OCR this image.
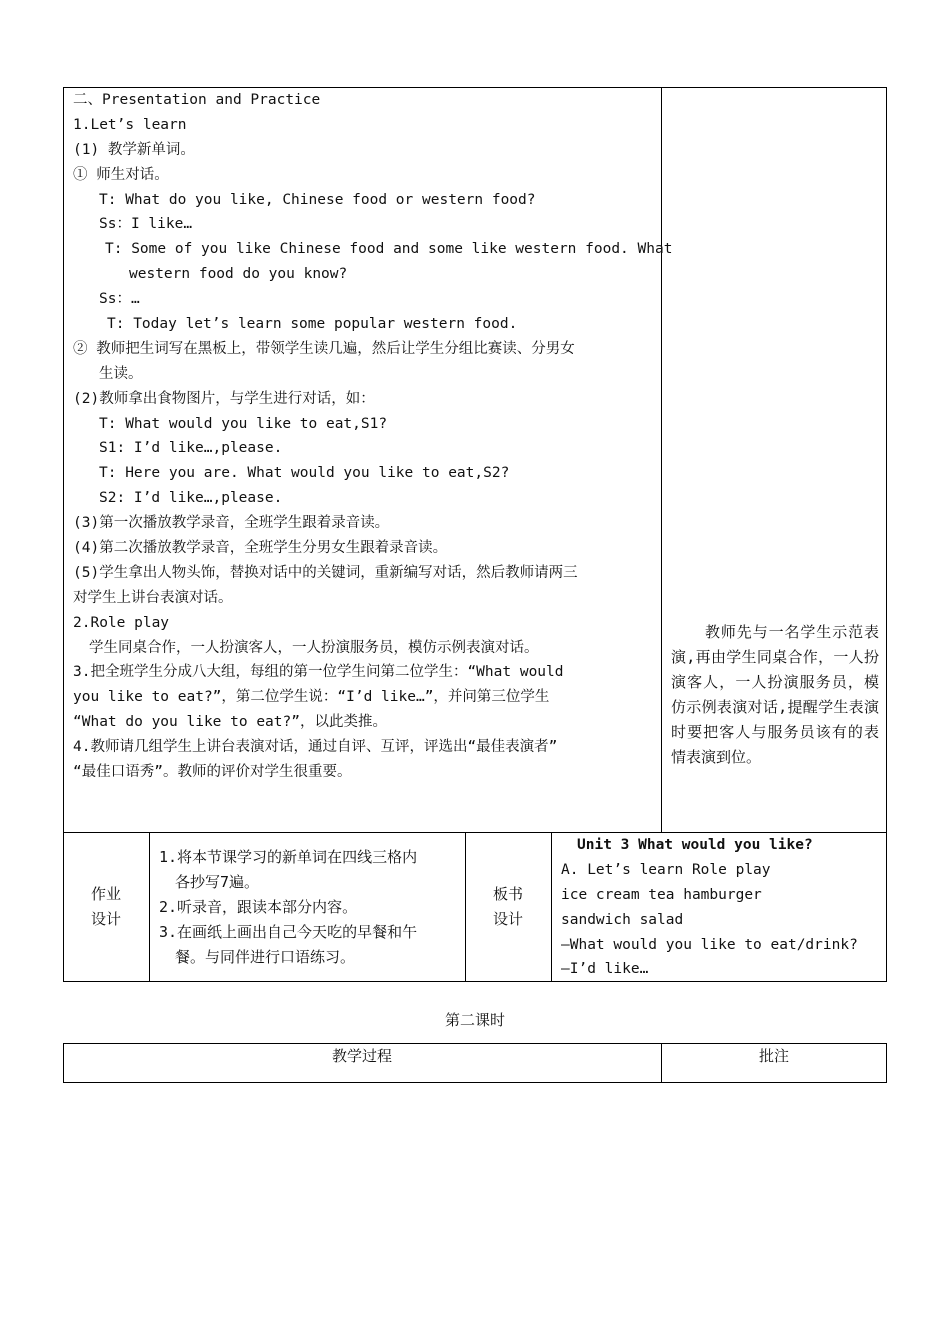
二、Presentation and Practice
1.Let’s learn
(1) 教学新单词。
① 师生对话。
T: What do you like, Chinese food or western food?
Ss：I like…
T: Some of you like Chinese food and some like western food. What
western food do you know?
Ss：…
T: Today let’s learn some popular western food.
② 教师把生词写在黑板上，带领学生读几遍，然后让学生分组比赛读、分男女
生读。
(2)教师拿出食物图片，与学生进行对话，如：
T: What would you like to eat,S1?
S1: I’d like…,please.
T: Here you are. What would you like to eat,S2?
S2: I’d like…,please.
(3)第一次播放教学录音，全班学生跟着录音读。
(4)第二次播放教学录音，全班学生分男女生跟着录音读。
(5)学生拿出人物头饰，替换对话中的关键词，重新编写对话，然后教师请两三
对学生上讲台表演对话。
2.Role play
学生同桌合作，一人扮演客人，一人扮演服务员，模仿示例表演对话。
3.把全班学生分成八大组，每组的第一位学生问第二位学生：“What would
you like to eat?”，第二位学生说：“I’d like…”，并问第三位学生
“What do you like to eat?”，以此类推。
4.教师请几组学生上讲台表演对话，通过自评、互评，评选出“最佳表演者”
“最佳口语秀”。教师的评价对学生很重要。
教师先与一名学生示范表演,再由学生同桌合作，一人扮演客人，一人扮演服务员，模仿示例表演对话,提醒学生表演时要把客人与服务员该有的表情表演到位。
作业
设计
1.将本节课学习的新单词在四线三格内
各抄写7遍。
2.听录音，跟读本部分内容。
3.在画纸上画出自己今天吃的早餐和午
餐。与同伴进行口语练习。
板书
设计
Unit 3 What would you like?
A. Let’s learn Role play
ice cream tea hamburger
sandwich salad
—What would you like to eat/drink?
—I’d like…
第二课时
教学过程	批注
